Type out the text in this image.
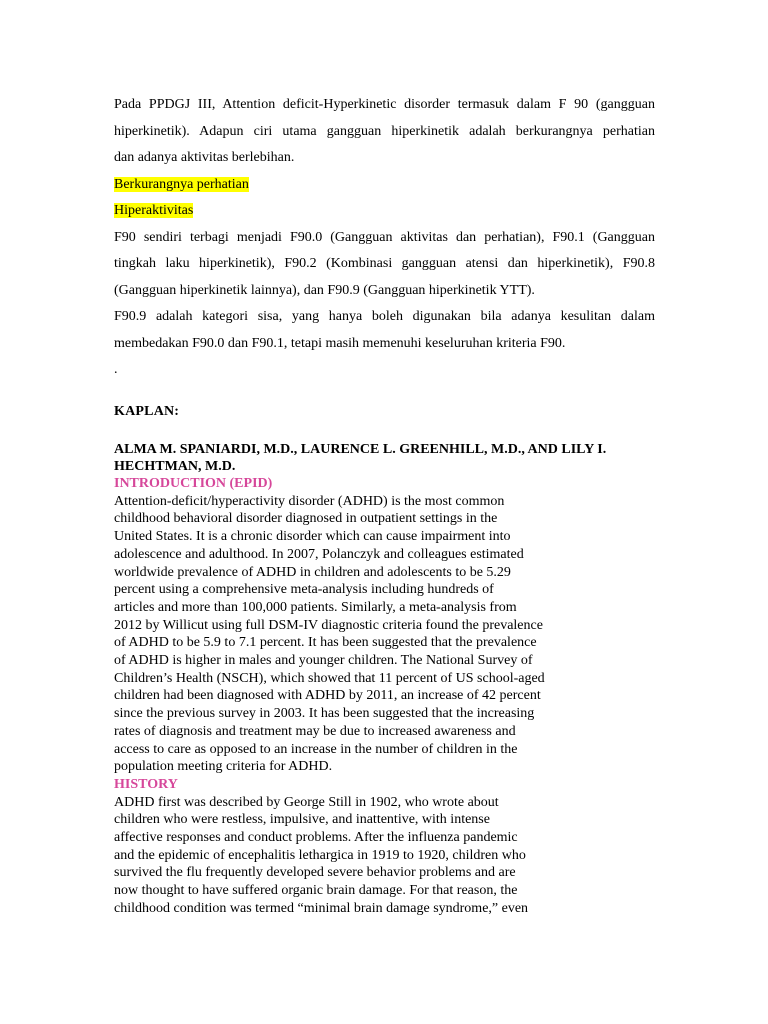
Pada PPDGJ III, Attention deficit-Hyperkinetic disorder termasuk dalam F 90 (gangguan
hiperkinetik). Adapun ciri utama gangguan hiperkinetik adalah berkurangnya perhatian
dan adanya aktivitas berlebihan.

Berkurangnya perhatian

Hiperaktivitas

F90 sendiri terbagi menjadi F90.0 (Gangguan aktivitas dan perhatian), F90.1 (Gangguan
tingkah laku hiperkinetik), F90.2 (Kombinasi gangguan atensi dan hiperkinetik), F90.8
(Gangguan hiperkinetik lainnya), dan F90.9 (Gangguan hiperkinetik YTT).

F90.9 adalah kategori sisa, yang hanya boleh digunakan bila adanya kesulitan dalam
membedakan F90.0 dan F90.1, tetapi masih memenuhi keseluruhan kriteria F90.

.

KAPLAN:
ALMA M. SPANIARDI, M.D., LAURENCE L. GREENHILL, M.D., AND LILY I.
HECHTMAN, M.D.
INTRODUCTION (EPID)
Attention-deficit/hyperactivity disorder (ADHD) is the most common
childhood behavioral disorder diagnosed in outpatient settings in the
United States. It is a chronic disorder which can cause impairment into
adolescence and adulthood. In 2007, Polanczyk and colleagues estimated
worldwide prevalence of ADHD in children and adolescents to be 5.29
percent using a comprehensive meta-analysis including hundreds of
articles and more than 100,000 patients. Similarly, a meta-analysis from
2012 by Willicut using full DSM-IV diagnostic criteria found the prevalence
of ADHD to be 5.9 to 7.1 percent. It has been suggested that the prevalence
of ADHD is higher in males and younger children. The National Survey of
Children’s Health (NSCH), which showed that 11 percent of US school-aged
children had been diagnosed with ADHD by 2011, an increase of 42 percent
since the previous survey in 2003. It has been suggested that the increasing
rates of diagnosis and treatment may be due to increased awareness and
access to care as opposed to an increase in the number of children in the
population meeting criteria for ADHD.
HISTORY
ADHD first was described by George Still in 1902, who wrote about
children who were restless, impulsive, and inattentive, with intense
affective responses and conduct problems. After the influenza pandemic
and the epidemic of encephalitis lethargica in 1919 to 1920, children who
survived the flu frequently developed severe behavior problems and are
now thought to have suffered organic brain damage. For that reason, the
childhood condition was termed “minimal brain damage syndrome,” even
